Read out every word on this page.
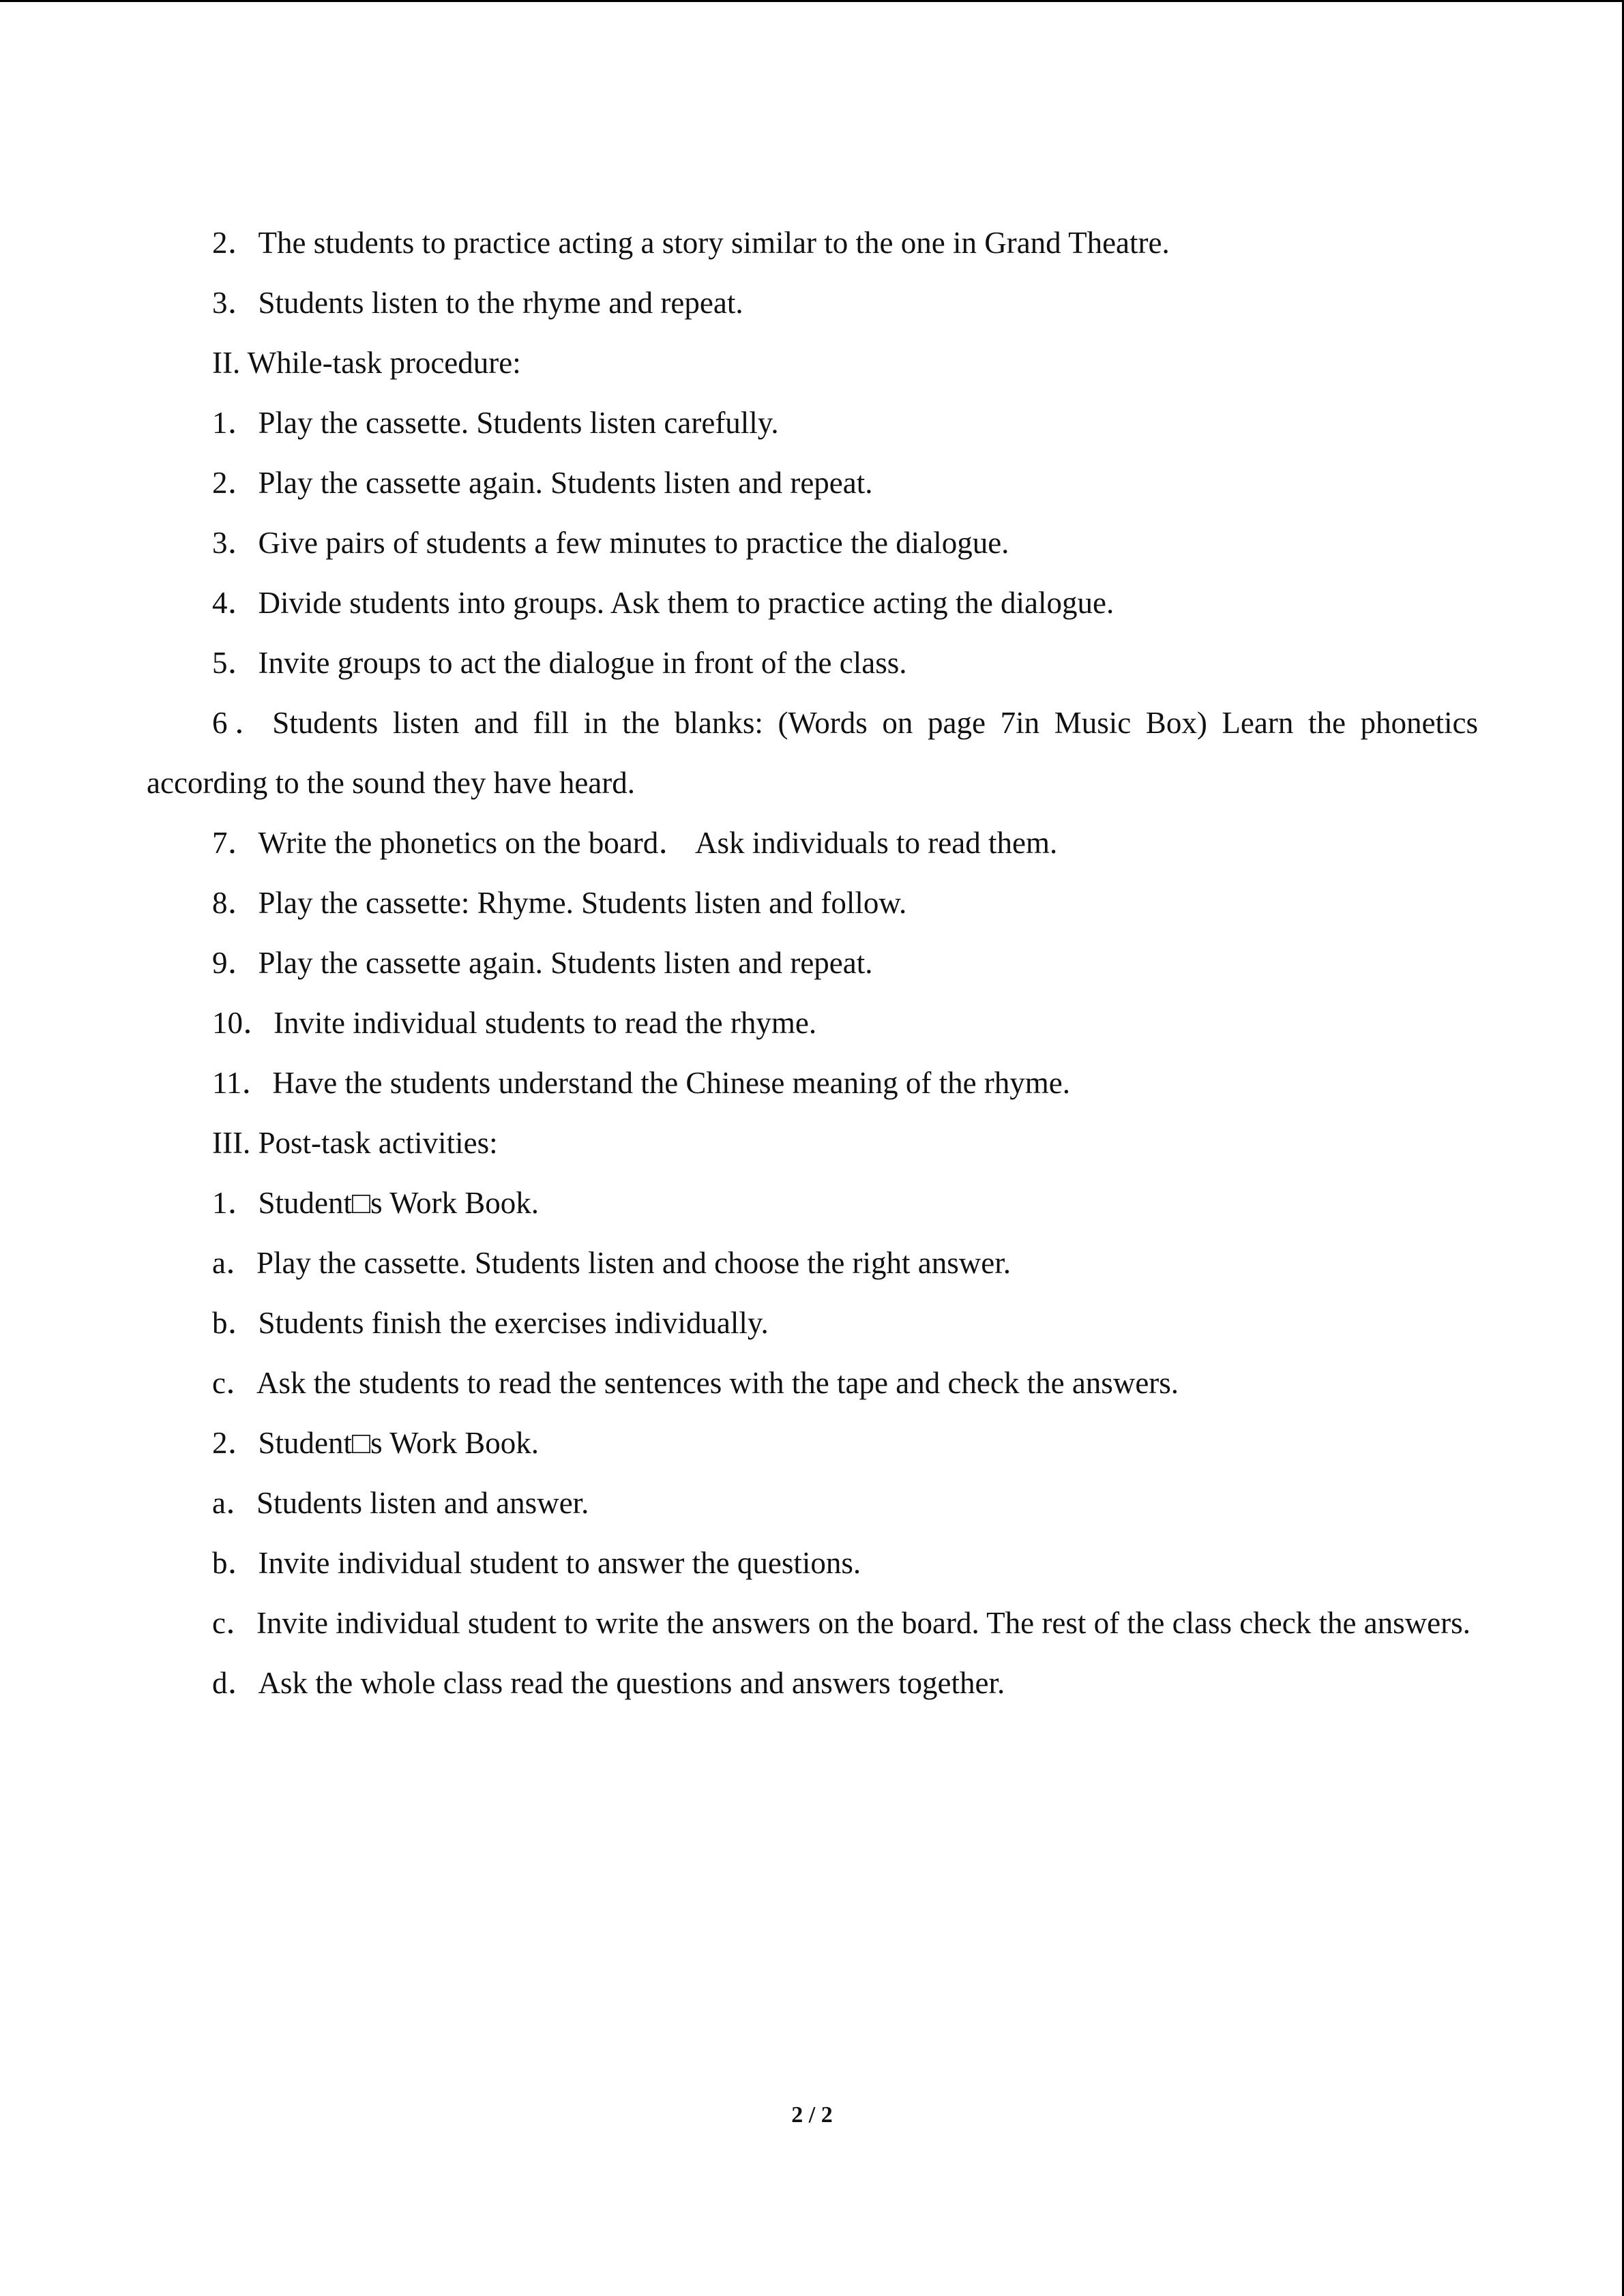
2．The students to practice acting a story similar to the one in Grand Theatre.

3．Students listen to the rhyme and repeat.

II. While-task procedure:

1．Play the cassette. Students listen carefully.

2．Play the cassette again. Students listen and repeat.

3．Give pairs of students a few minutes to practice the dialogue.

4．Divide students into groups. Ask them to practice acting the dialogue.

5．Invite groups to act the dialogue in front of the class.

6．Students listen and fill in the blanks: (Words on page 7in Music Box) Learn the phonetics according to the sound they have heard.

7．Write the phonetics on the board． Ask individuals to read them.

8．Play the cassette: Rhyme. Students listen and follow.

9．Play the cassette again. Students listen and repeat.

10．Invite individual students to read the rhyme.

11．Have the students understand the Chinese meaning of the rhyme.

III. Post-task activities:

1．Student□s Work Book.

a．Play the cassette. Students listen and choose the right answer.

b．Students finish the exercises individually.

c．Ask the students to read the sentences with the tape and check the answers.

2．Student□s Work Book.

a．Students listen and answer.

b．Invite individual student to answer the questions.

c．Invite individual student to write the answers on the board. The rest of the class check the answers.

d．Ask the whole class read the questions and answers together.

2 / 2
